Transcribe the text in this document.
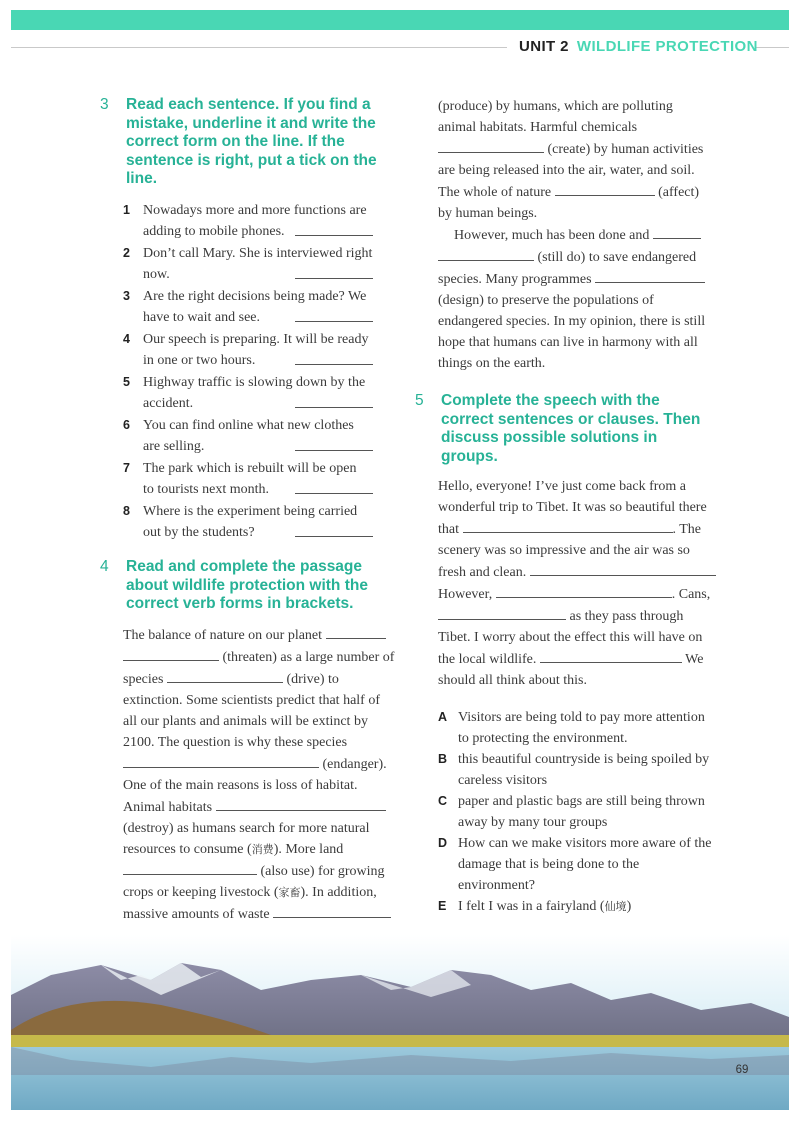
UNIT 2 WILDLIFE PROTECTION
3	Read each sentence. If you find a mistake, underline it and write the correct form on the line. If the sentence is right, put a tick on the line.
1 Nowadays more and more functions are
adding to mobile phones.
2 Don’t call Mary. She is interviewed right
now.
3 Are the right decisions being made? We
have to wait and see.
4 Our speech is preparing. It will be ready
in one or two hours.
5 Highway traffic is slowing down by the
accident.
6 You can find online what new clothes
are selling.
7 The park which is rebuilt will be open
to tourists next month.
8 Where is the experiment being carried
out by the students?
4	Read and complete the passage about wildlife protection with the correct verb forms in brackets.

The balance of nature on our planet   (threaten) as a large number of species	(drive) to extinction. Some scientists predict that half of all our plants and animals will be extinct by 2100. The question is why these species  (endanger). One of the main reasons is loss of habitat. Animal habitats  (destroy) as humans search for more natural resources to consume (消费). More land  (also use) for growing crops or keeping livestock (家畜). In addition, massive amounts of waste

(produce) by humans, which are polluting animal habitats. Harmful chemicals  (create) by human activities are being released into the air, water, and soil. The whole of nature	(affect) by human beings.
However, much has been done and   (still do) to save endangered species. Many programmes  (design) to preserve the populations of endangered species. In my opinion, there is still hope that humans can live in harmony with all things on the earth.

5	Complete the speech with the correct sentences or clauses. Then discuss possible solutions in groups.

Hello, everyone! I’ve just come back from a wonderful trip to Tibet. It was so beautiful there that	. The scenery was so impressive and the air was so fresh and clean.  However,	. Cans,  as they pass through Tibet. I worry about the effect this will have on the local wildlife.	We should all think about this.

A Visitors are being told to pay more attention to protecting the environment.
B this beautiful countryside is being spoiled by careless visitors
C paper and plastic bags are still being thrown away by many tour groups
D How can we make visitors more aware of the damage that is being done to the environment?
E I felt I was in a fairyland (仙境)
69
